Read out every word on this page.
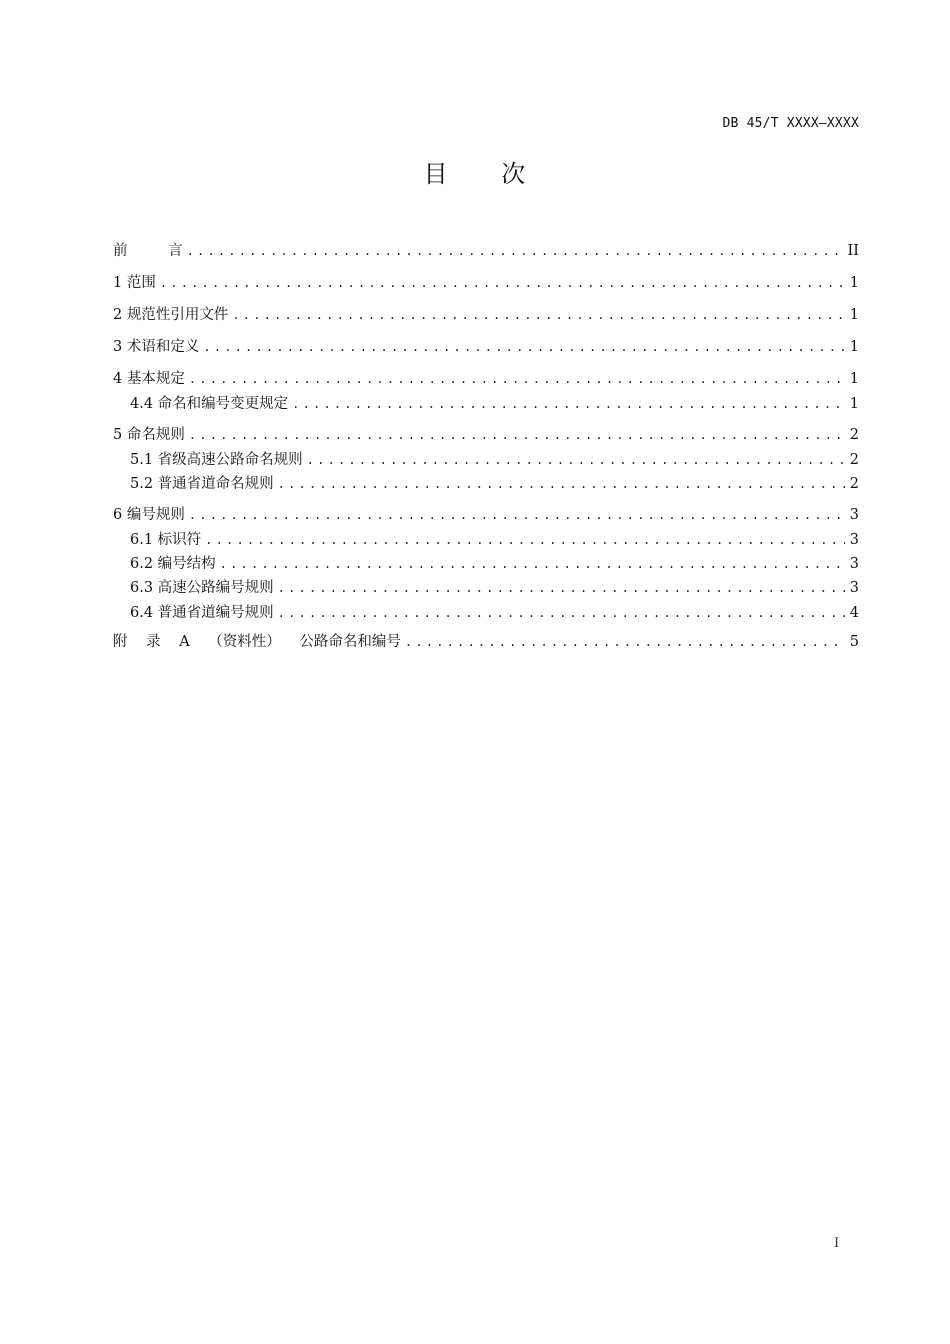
DB 45/T XXXX—XXXX
目 次
前 言 .....	II
1 范围 .....	1
2 规范性引用文件 .....	1
3 术语和定义 .....	1
4 基本规定 .....	1
4.4 命名和编号变更规定 .....	1
5 命名规则 .....	2
5.1 省级高速公路命名规则 .....	2
5.2 普通省道命名规则 .....	2
6 编号规则 .....	3
6.1 标识符 .....	3
6.2 编号结构 .....	3
6.3 高速公路编号规则 .....	3
6.4 普通省道编号规则 .....	4
附 录 A （资料性） 公路命名和编号 .....	5
I
